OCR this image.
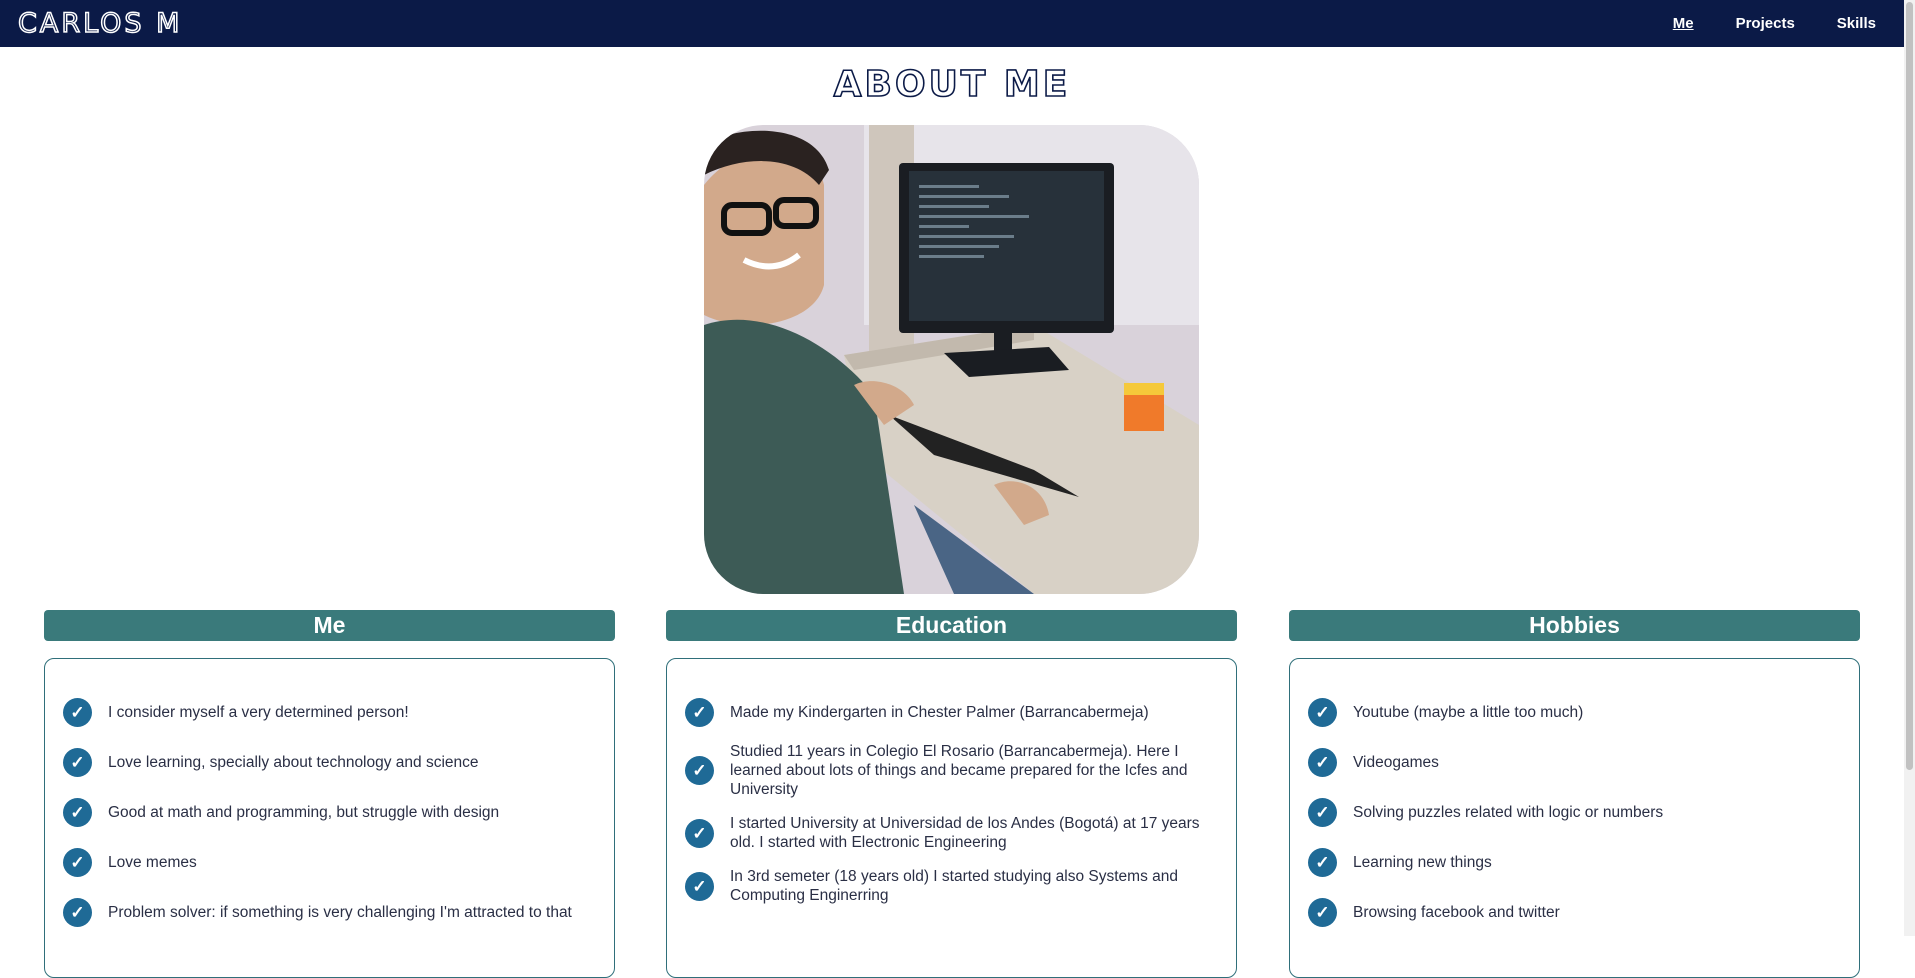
CARLOS M	Me	Projects	Skills
ABOUT ME
Me
✓	I consider myself a very determined person!
✓	Love learning, specially about technology and science
✓	Good at math and programming, but struggle with design
✓	Love memes
✓	Problem solver: if something is very challenging I'm attracted to that
Education
✓	Made my Kindergarten in Chester Palmer (Barrancabermeja)
✓
Studied 11 years in Colegio El Rosario (Barrancabermeja). Here I learned about lots of things and became prepared for the Icfes and University
✓	I started University at Universidad de los Andes (Bogotá) at 17 years old. I started with Electronic Engineering
✓	In 3rd semeter (18 years old) I started studying also Systems and Computing Enginerring
Hobbies
✓	Youtube (maybe a little too much)
✓	Videogames
✓	Solving puzzles related with logic or numbers
✓	Learning new things
✓	Browsing facebook and twitter
